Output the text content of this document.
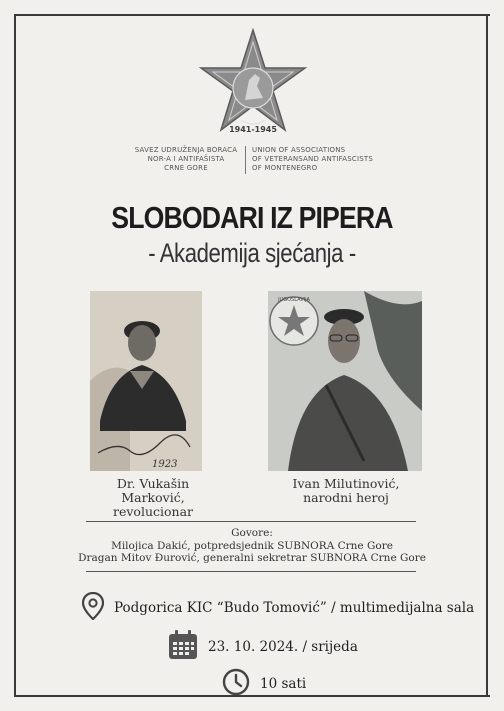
1941-1945
SAVEZ UDRUŽENJA BORACA
NOR-A I ANTIFAŠISTA
CRNE GORE
UNION OF ASSOCIATIONS
OF VETERANSAND ANTIFASCISTS
OF MONTENEGRO
SLOBODARI IZ PIPERA
- Akademija sjećanja -
1923
JUGOSLAVIJA
Dr. Vukašin Marković,
revolucionar
Ivan Milutinović,
narodni heroj
Govore:
Milojica Dakić, potpredsjednik SUBNORA Crne Gore
Dragan Mitov Đurović, generalni sekretrar SUBNORA Crne Gore
Podgorica KIC “Budo Tomović” / multimedijalna sala
23. 10. 2024. / srijeda
10 sati
